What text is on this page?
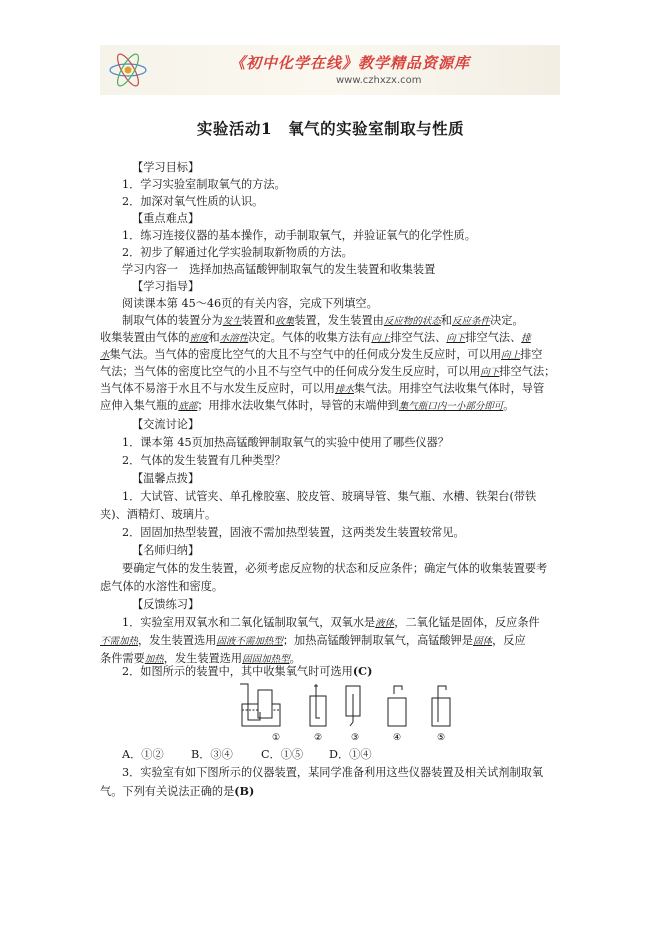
《初中化学在线》教学精品资源库
www.czhxzx.com
实验活动1　氧气的实验室制取与性质
【学习目标】
1．学习实验室制取氧气的方法。
2．加深对氧气性质的认识。
【重点难点】
1．练习连接仪器的基本操作，动手制取氧气，并验证氧气的化学性质。
2．初步了解通过化学实验制取新物质的方法。
学习内容一　选择加热高锰酸钾制取氧气的发生装置和收集装置
【学习指导】
阅读课本第 45～46页的有关内容，完成下列填空。
制取气体的装置分为发生装置和收集装置，发生装置由反应物的状态和反应条件决定。
收集装置由气体的密度和水溶性决定。气体的收集方法有向上排空气法、向下排空气法、排
水集气法。当气体的密度比空气的大且不与空气中的任何成分发生反应时，可以用向上排空
气法；当气体的密度比空气的小且不与空气中的任何成分发生反应时，可以用向下排空气法；
当气体不易溶于水且不与水发生反应时，可以用排水集气法。用排空气法收集气体时，导管
应伸入集气瓶的底部；用排水法收集气体时，导管的末端伸到集气瓶口内一小部分即可。
【交流讨论】
1．课本第 45页加热高锰酸钾制取氧气的实验中使用了哪些仪器？
2．气体的发生装置有几种类型？
【温馨点拨】
1．大试管、试管夹、单孔橡胶塞、胶皮管、玻璃导管、集气瓶、水槽、铁架台(带铁
夹)、酒精灯、玻璃片。
2．固固加热型装置，固液不需加热型装置，这两类发生装置较常见。
【名师归纳】
要确定气体的发生装置，必须考虑反应物的状态和反应条件；确定气体的收集装置要考
虑气体的水溶性和密度。
【反馈练习】
1．实验室用双氧水和二氧化锰制取氧气，双氧水是液体，二氧化锰是固体，反应条件
不需加热，发生装置选用固液不需加热型；加热高锰酸钾制取氧气，高锰酸钾是固体，反应
条件需要加热，发生装置选用固固加热型。
2．如图所示的装置中，其中收集氧气时可选用(C)
①	②	③	④	⑤
A．①② B．③④	C．①⑤ D．①④
3．实验室有如下图所示的仪器装置，某同学准备利用这些仪器装置及相关试剂制取氧
气。下列有关说法正确的是(B)
